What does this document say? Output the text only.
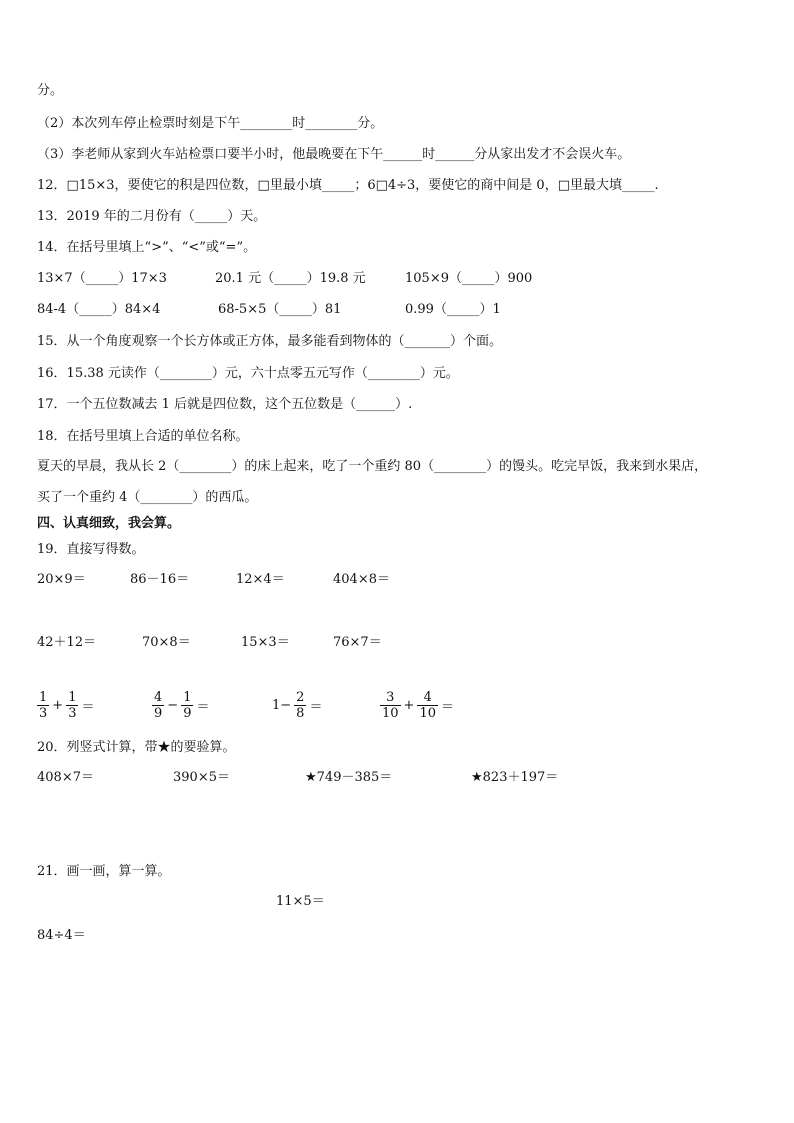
分。
（2）本次列车停止检票时刻是下午________时________分。
（3）李老师从家到火车站检票口要半小时，他最晚要在下午______时______分从家出发才不会误火车。
12．□15×3，要使它的积是四位数，□里最小填_____；6□4÷3，要使它的商中间是 0，□里最大填_____.
13．2019 年的二月份有（_____）天。
14．在括号里填上“>”、“<”或“=”。
13×7（_____）17×3	20.1 元（_____）19.8 元	105×9（_____）900
84-4（_____）84×4	68-5×5（_____）81	0.99（_____）1
15．从一个角度观察一个长方体或正方体，最多能看到物体的（_______）个面。
16．15.38 元读作（________）元，六十点零五元写作（________）元。
17．一个五位数减去 1 后就是四位数，这个五位数是（______）.
18．在括号里填上合适的单位名称。
夏天的早晨，我从长 2（________）的床上起来，吃了一个重约 80（________）的馒头。吃完早饭，我来到水果店，
买了一个重约 4（________）的西瓜。
四、认真细致，我会算。
19．直接写得数。
20×9＝	86－16＝	12×4＝	404×8＝
42＋12＝	70×8＝	15×3＝	76×7＝
$\frac{1}{3} + \frac{1}{3}$ ＝	$\frac{4}{9} - \frac{1}{9}$ ＝	$1- \frac{2}{8}$ ＝	$\frac{3}{10} + \frac{4}{10}$ ＝
20．列竖式计算，带★的要验算。
408×7＝	390×5＝	★749－385＝	★823＋197＝
21．画一画，算一算。
11×5＝
84÷4＝
